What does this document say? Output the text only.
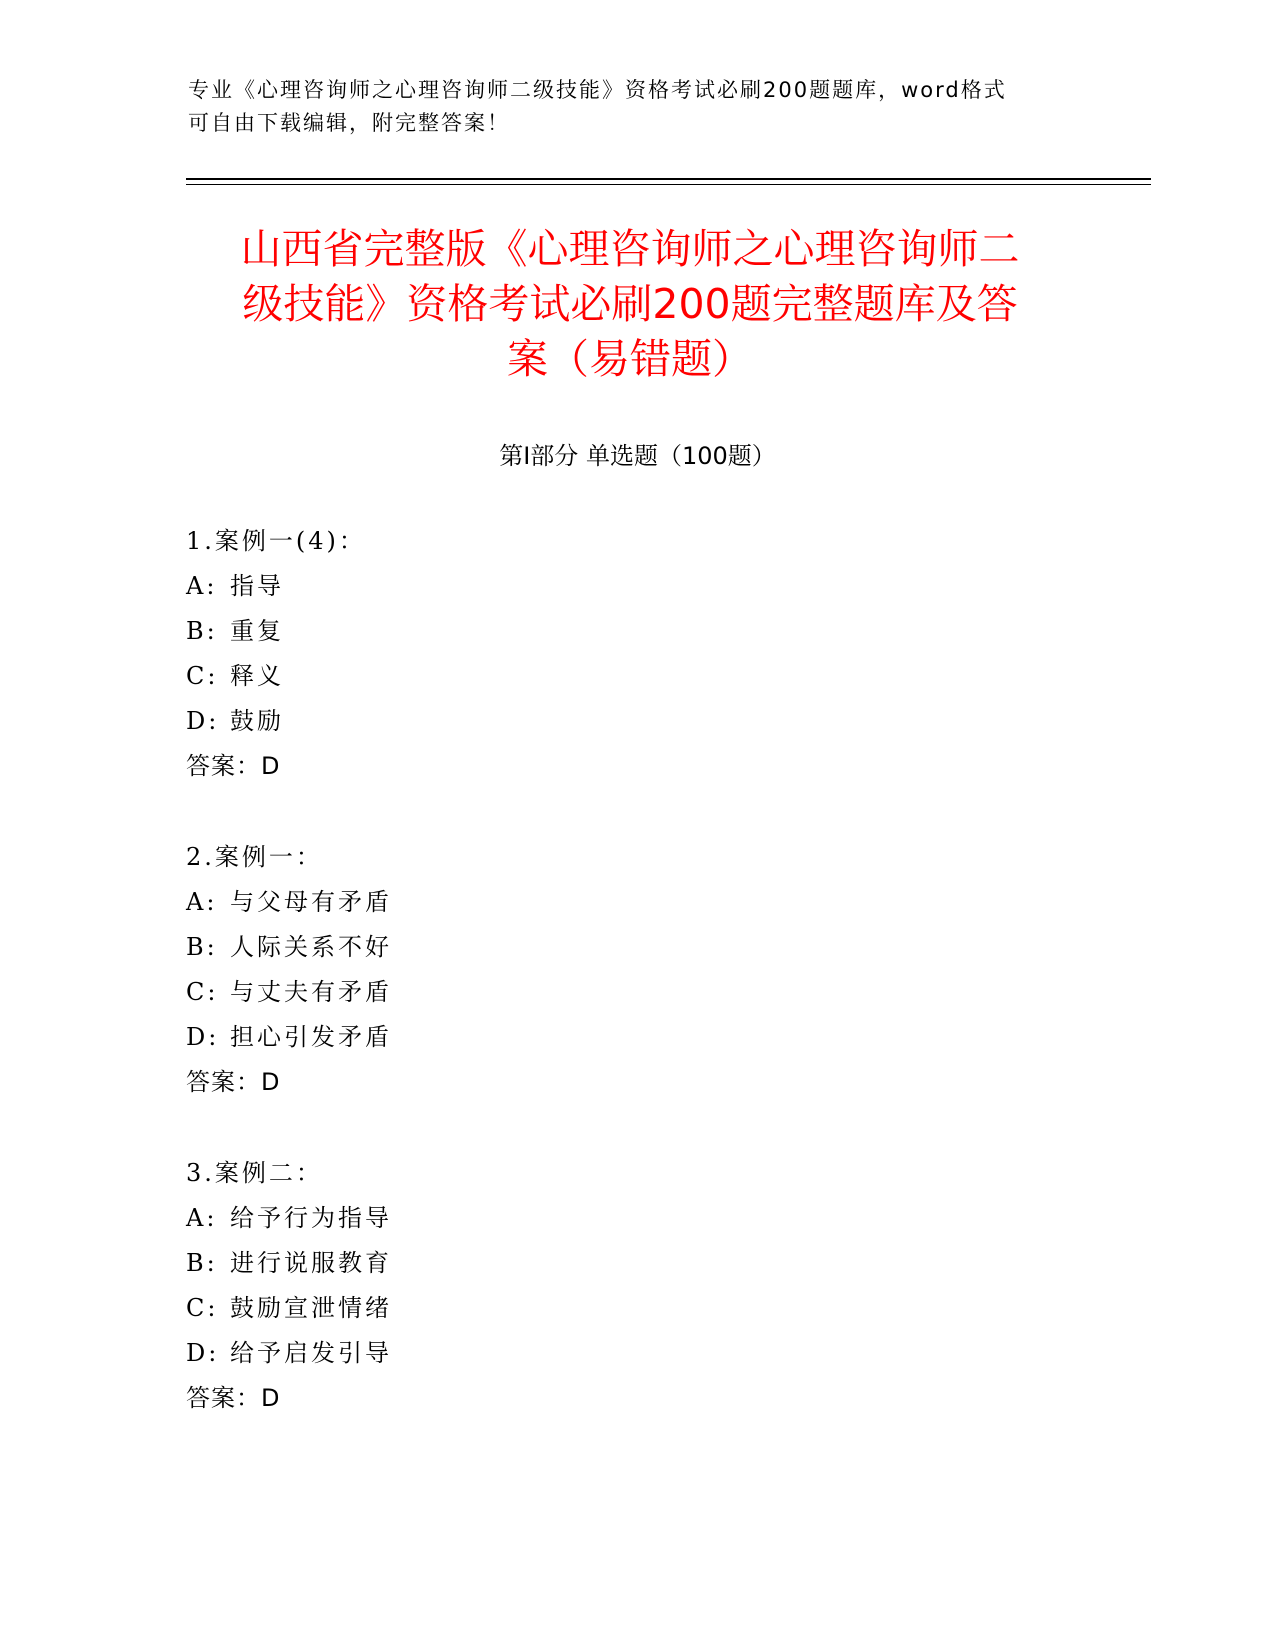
专业《心理咨询师之心理咨询师二级技能》资格考试必刷200题题库，word格式
可自由下载编辑，附完整答案！
山西省完整版《心理咨询师之心理咨询师二
级技能》资格考试必刷200题完整题库及答
案（易错题）
第Ⅰ部分 单选题（100题）
1.案例一(4)：
A: 指导
B: 重复
C: 释义
D: 鼓励
答案：D
2.案例一：
A: 与父母有矛盾
B: 人际关系不好
C: 与丈夫有矛盾
D: 担心引发矛盾
答案：D
3.案例二：
A: 给予行为指导
B: 进行说服教育
C: 鼓励宣泄情绪
D: 给予启发引导
答案：D
